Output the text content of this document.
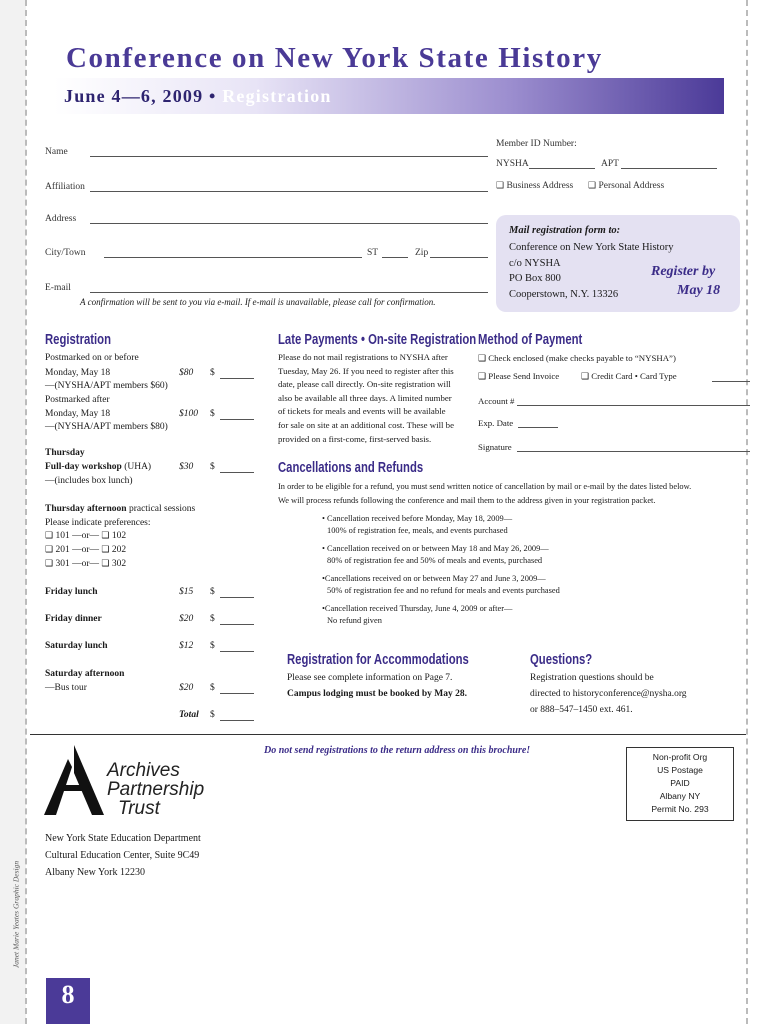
Conference on New York State History
June 4—6, 2009 • Registration
Name
Affiliation
Address
City/Town	ST	Zip
E-mail
A confirmation will be sent to you via e-mail. If e-mail is unavailable, please call for confirmation.
Member ID Number:
NYSHA	APT
❑ Business Address ❑ Personal Address
Mail registration form to:
Conference on New York State History
c/o NYSHA
PO Box 800
Cooperstown, N.Y. 13326
Register by
May 18
Registration
Postmarked on or before
Monday, May 18	$80 $
—(NYSHA/APT members $60)
Postmarked after
Monday, May 18	$100 $
—(NYSHA/APT members $80)
Thursday
Full-day workshop (UHA)	$30 $
—(includes box lunch)
Thursday afternoon practical sessions
Please indicate preferences:
❑ 101 —or— ❑ 102
❑ 201 —or— ❑ 202
❑ 301 —or— ❑ 302
Friday lunch	$15 $
Friday dinner	$20 $
Saturday lunch	$12 $
Saturday afternoon
—Bus tour	$20 $
Total $
Late Payments • On-site Registration
Please do not mail registrations to NYSHA after
Tuesday, May 26. If you need to register after this
date, please call directly. On-site registration will
also be available all three days. A limited number
of tickets for meals and events will be available
for sale on site at an additional cost. These will be
provided on a first-come, first-served basis.
Method of Payment
❑ Check enclosed (make checks payable to “NYSHA”)
❑ Please Send Invoice ❑ Credit Card • Card Type
Account #
Exp. Date
Signature
Cancellations and Refunds
In order to be eligible for a refund, you must send written notice of cancellation by mail or e-mail by the dates listed below.
We will process refunds following the conference and mail them to the address given in your registration packet.
• Cancellation received before Monday, May 18, 2009—
100% of registration fee, meals, and events purchased
• Cancellation received on or between May 18 and May 26, 2009—
80% of registration fee and 50% of meals and events, purchased
•Cancellations received on or between May 27 and June 3, 2009—
50% of registration fee and no refund for meals and events purchased
•Cancellation received Thursday, June 4, 2009 or after—
No refund given
Registration for Accommodations
Please see complete information on Page 7.
Campus lodging must be booked by May 28.
Questions?
Registration questions should be
directed to historyconference@nysha.org
or 888–547–1450 ext. 461.
Do not send registrations to the return address on this brochure!
Archives
Partnership
Trust
New York State Education Department
Cultural Education Center, Suite 9C49
Albany New York 12230
Non-profit Org
US Postage
PAID
Albany NY
Permit No. 293
Janet Marie Yeates Graphic Design
8
